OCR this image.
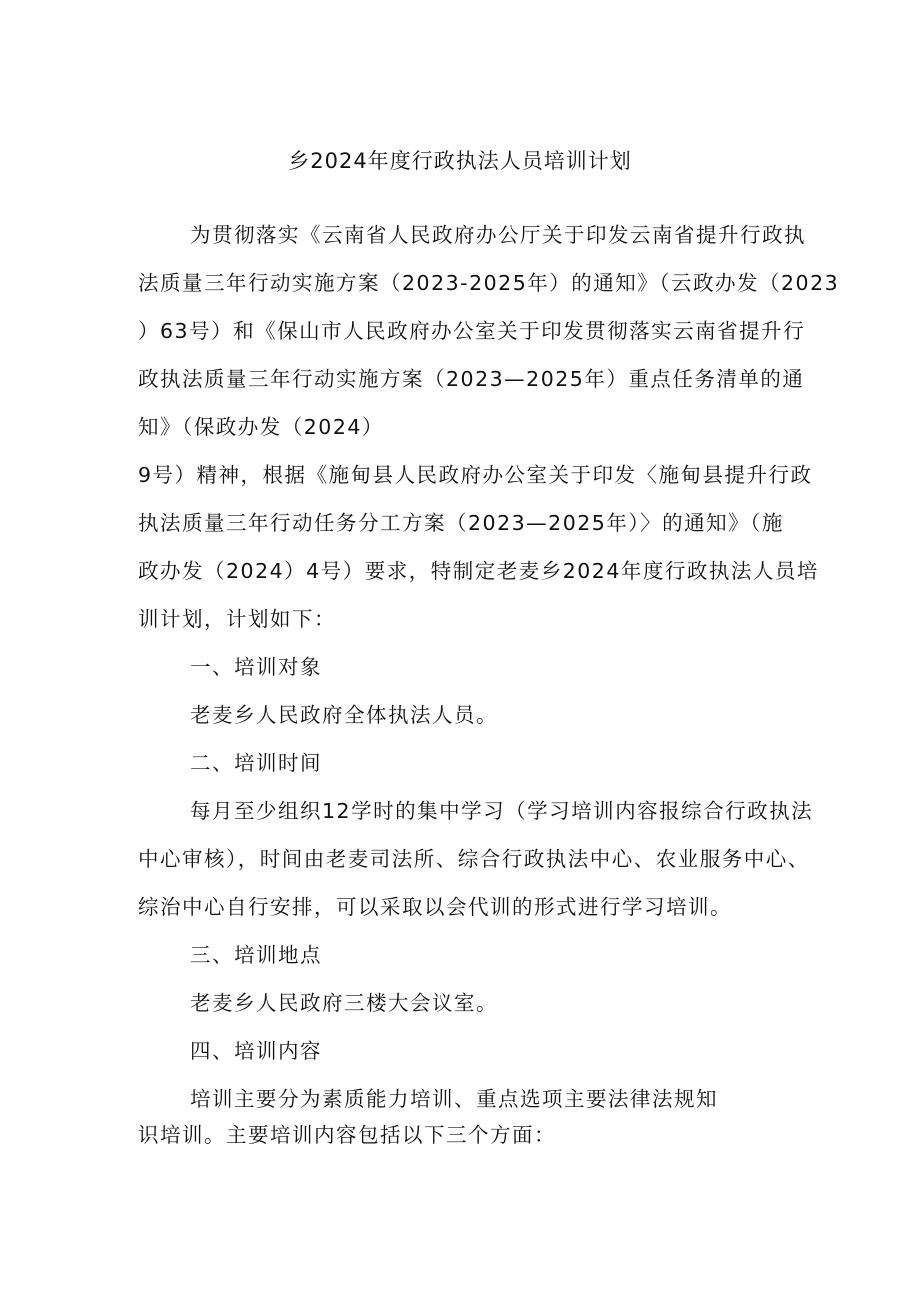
乡2024年度行政执法人员培训计划
为贯彻落实《云南省人民政府办公厅关于印发云南省提升行政执
法质量三年行动实施方案（2023-2025年）的通知》（云政办发（2023
）63号）和《保山市人民政府办公室关于印发贯彻落实云南省提升行
政执法质量三年行动实施方案（2023—2025年）重点任务清单的通
知》（保政办发（2024）
9号）精神，根据《施甸县人民政府办公室关于印发〈施甸县提升行政
执法质量三年行动任务分工方案（2023—2025年）〉的通知》（施
政办发（2024）4号）要求，特制定老麦乡2024年度行政执法人员培
训计划，计划如下：
一、培训对象
老麦乡人民政府全体执法人员。
二、培训时间
每月至少组织12学时的集中学习（学习培训内容报综合行政执法
中心审核），时间由老麦司法所、综合行政执法中心、农业服务中心、
综治中心自行安排，可以采取以会代训的形式进行学习培训。
三、培训地点
老麦乡人民政府三楼大会议室。
四、培训内容
培训主要分为素质能力培训、重点选项主要法律法规知
识培训。主要培训内容包括以下三个方面：
